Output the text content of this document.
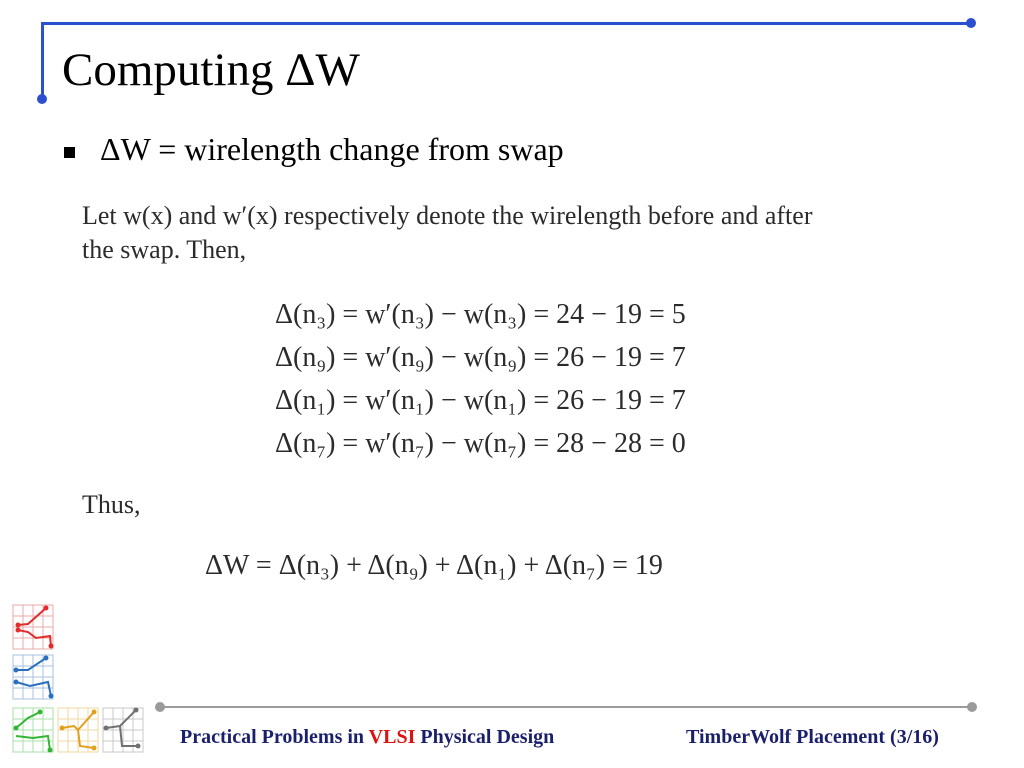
Computing ΔW
ΔW = wirelength change from swap
Let w(x) and w′(x) respectively denote the wirelength before and after
the swap. Then,
Δ(n₃) = w′(n₃) − w(n₃) = 24 − 19 = 5
Δ(n₉) = w′(n₉) − w(n₉) = 26 − 19 = 7
Δ(n₁) = w′(n₁) − w(n₁) = 26 − 19 = 7
Δ(n₇) = w′(n₇) − w(n₇) = 28 − 28 = 0
Thus,
ΔW = Δ(n₃) + Δ(n₉) + Δ(n₁) + Δ(n₇) = 19
Practical Problems in VLSI Physical Design	TimberWolf Placement (3/16)
